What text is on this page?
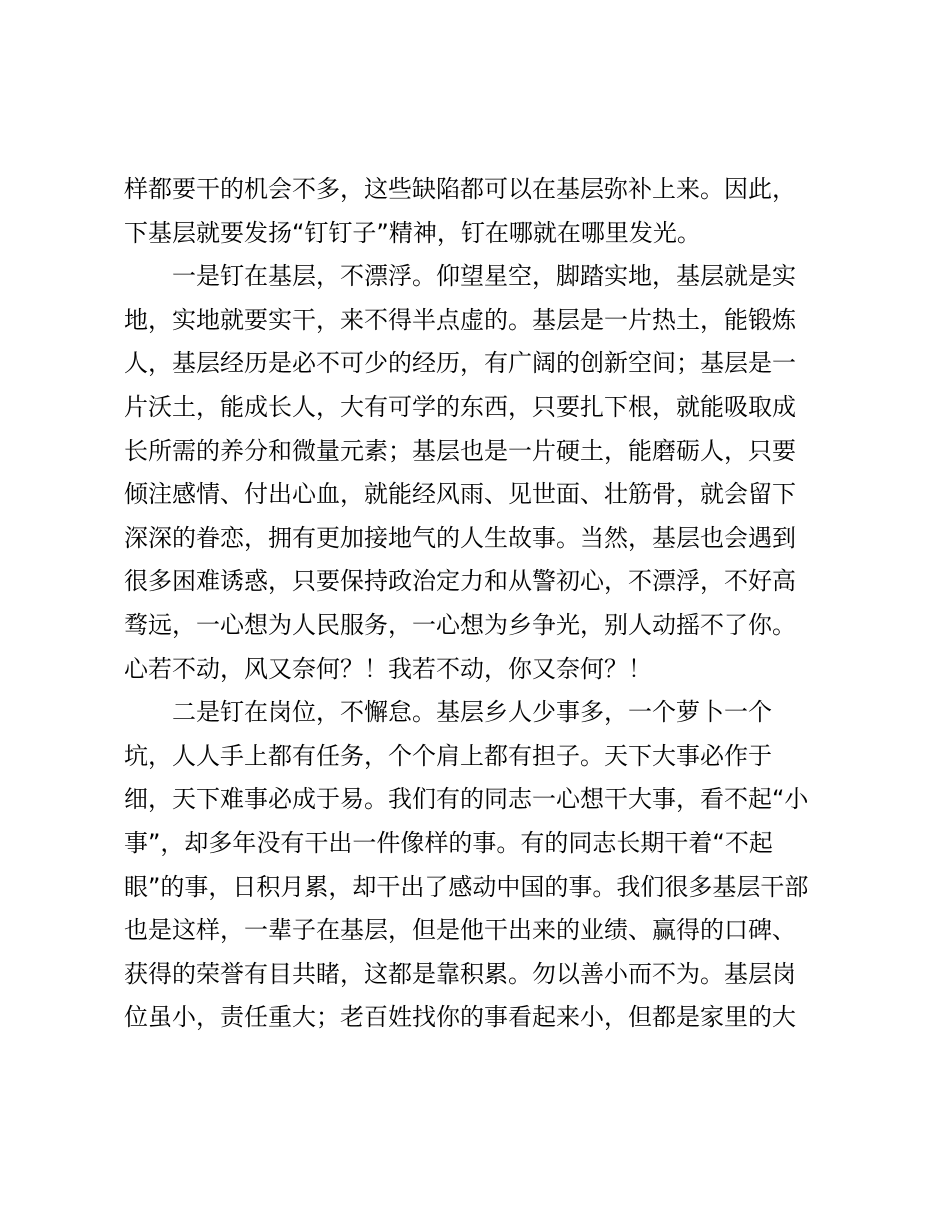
样都要干的机会不多，这些缺陷都可以在基层弥补上来。因此，
下基层就要发扬“钉钉子”精神，钉在哪就在哪里发光。
一是钉在基层，不漂浮。仰望星空，脚踏实地，基层就是实
地，实地就要实干，来不得半点虚的。基层是一片热土，能锻炼
人，基层经历是必不可少的经历，有广阔的创新空间；基层是一
片沃土，能成长人，大有可学的东西，只要扎下根，就能吸取成
长所需的养分和微量元素；基层也是一片硬土，能磨砺人，只要
倾注感情、付出心血，就能经风雨、见世面、壮筋骨，就会留下
深深的眷恋，拥有更加接地气的人生故事。当然，基层也会遇到
很多困难诱惑，只要保持政治定力和从警初心，不漂浮，不好高
骛远，一心想为人民服务，一心想为乡争光，别人动摇不了你。
心若不动，风又奈何？！我若不动，你又奈何？！
二是钉在岗位，不懈怠。基层乡人少事多，一个萝卜一个
坑，人人手上都有任务，个个肩上都有担子。天下大事必作于
细，天下难事必成于易。我们有的同志一心想干大事，看不起“小
事”，却多年没有干出一件像样的事。有的同志长期干着“不起
眼”的事，日积月累，却干出了感动中国的事。我们很多基层干部
也是这样，一辈子在基层，但是他干出来的业绩、赢得的口碑、
获得的荣誉有目共睹，这都是靠积累。勿以善小而不为。基层岗
位虽小，责任重大；老百姓找你的事看起来小，但都是家里的大
